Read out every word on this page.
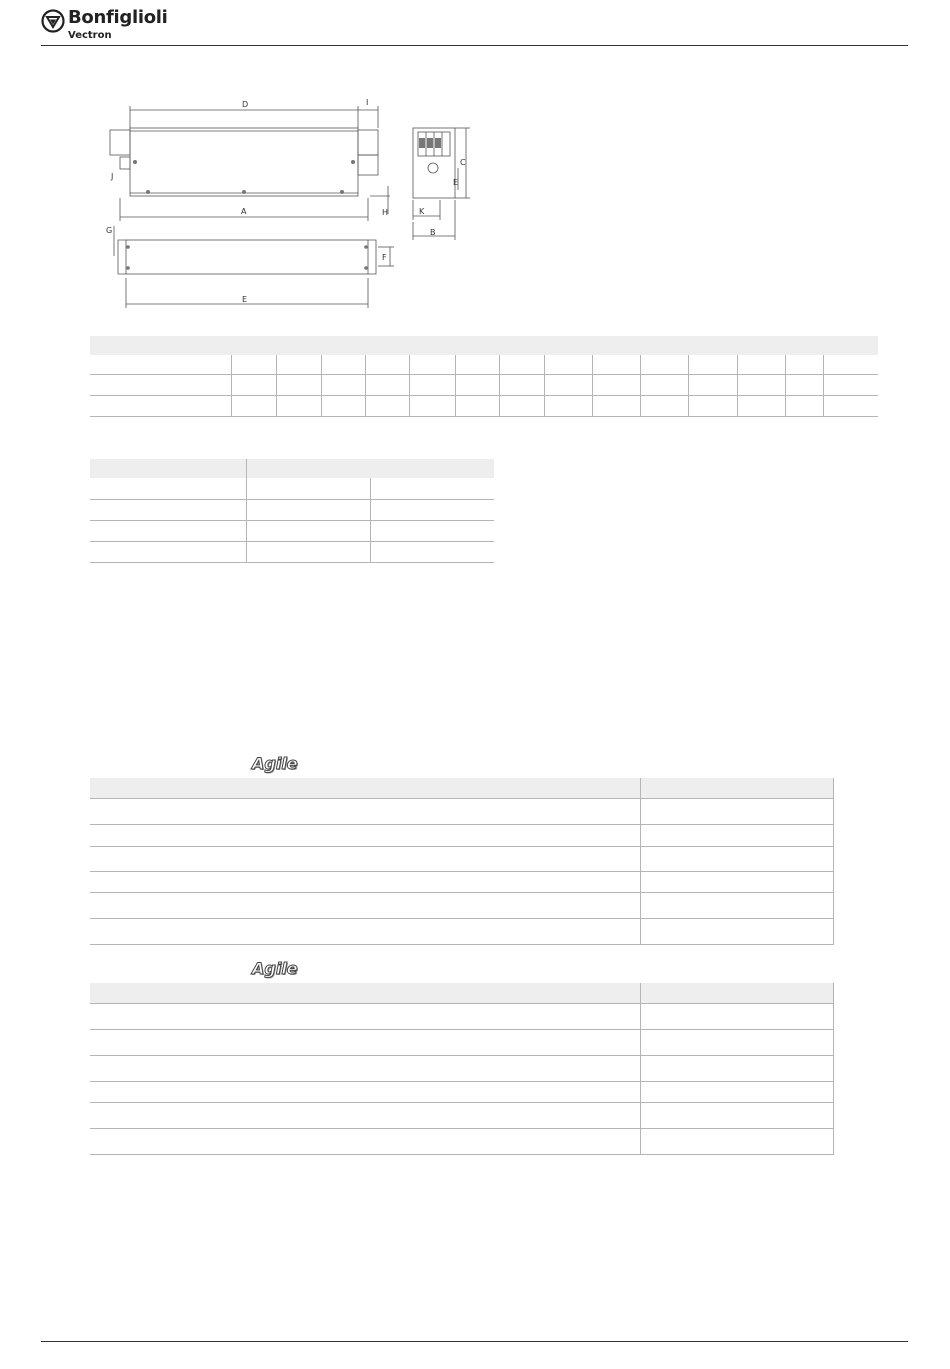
Bonfiglioli
Vectron
D	I
J
A	H
C
E
K
B
G
F
E
Agile
Agile
